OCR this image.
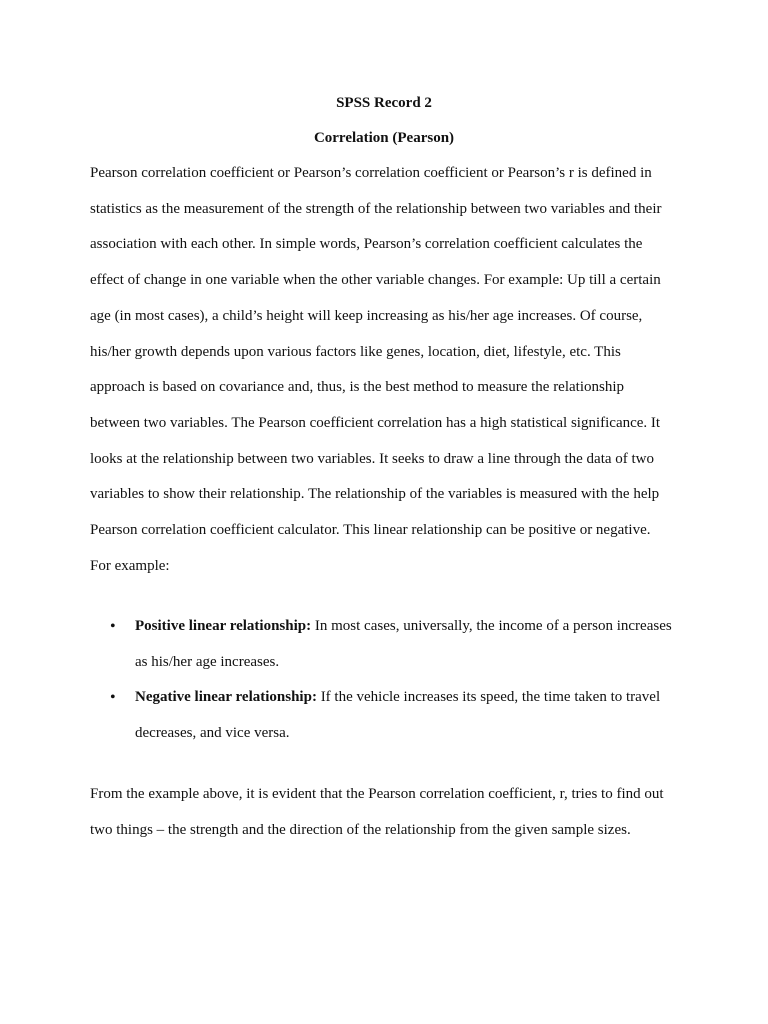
SPSS Record 2

Correlation (Pearson)

Pearson correlation coefficient or Pearson’s correlation coefficient or Pearson’s r is defined in
statistics as the measurement of the strength of the relationship between two variables and their
association with each other. In simple words, Pearson’s correlation coefficient calculates the
effect of change in one variable when the other variable changes. For example: Up till a certain
age (in most cases), a child’s height will keep increasing as his/her age increases. Of course,
his/her growth depends upon various factors like genes, location, diet, lifestyle, etc. This
approach is based on covariance and, thus, is the best method to measure the relationship
between two variables. The Pearson coefficient correlation has a high statistical significance. It
looks at the relationship between two variables. It seeks to draw a line through the data of two
variables to show their relationship. The relationship of the variables is measured with the help
Pearson correlation coefficient calculator. This linear relationship can be positive or negative.
For example:

• Positive linear relationship: In most cases, universally, the income of a person increases
as his/her age increases.
• Negative linear relationship: If the vehicle increases its speed, the time taken to travel
decreases, and vice versa.

From the example above, it is evident that the Pearson correlation coefficient, r, tries to find out
two things – the strength and the direction of the relationship from the given sample sizes.
